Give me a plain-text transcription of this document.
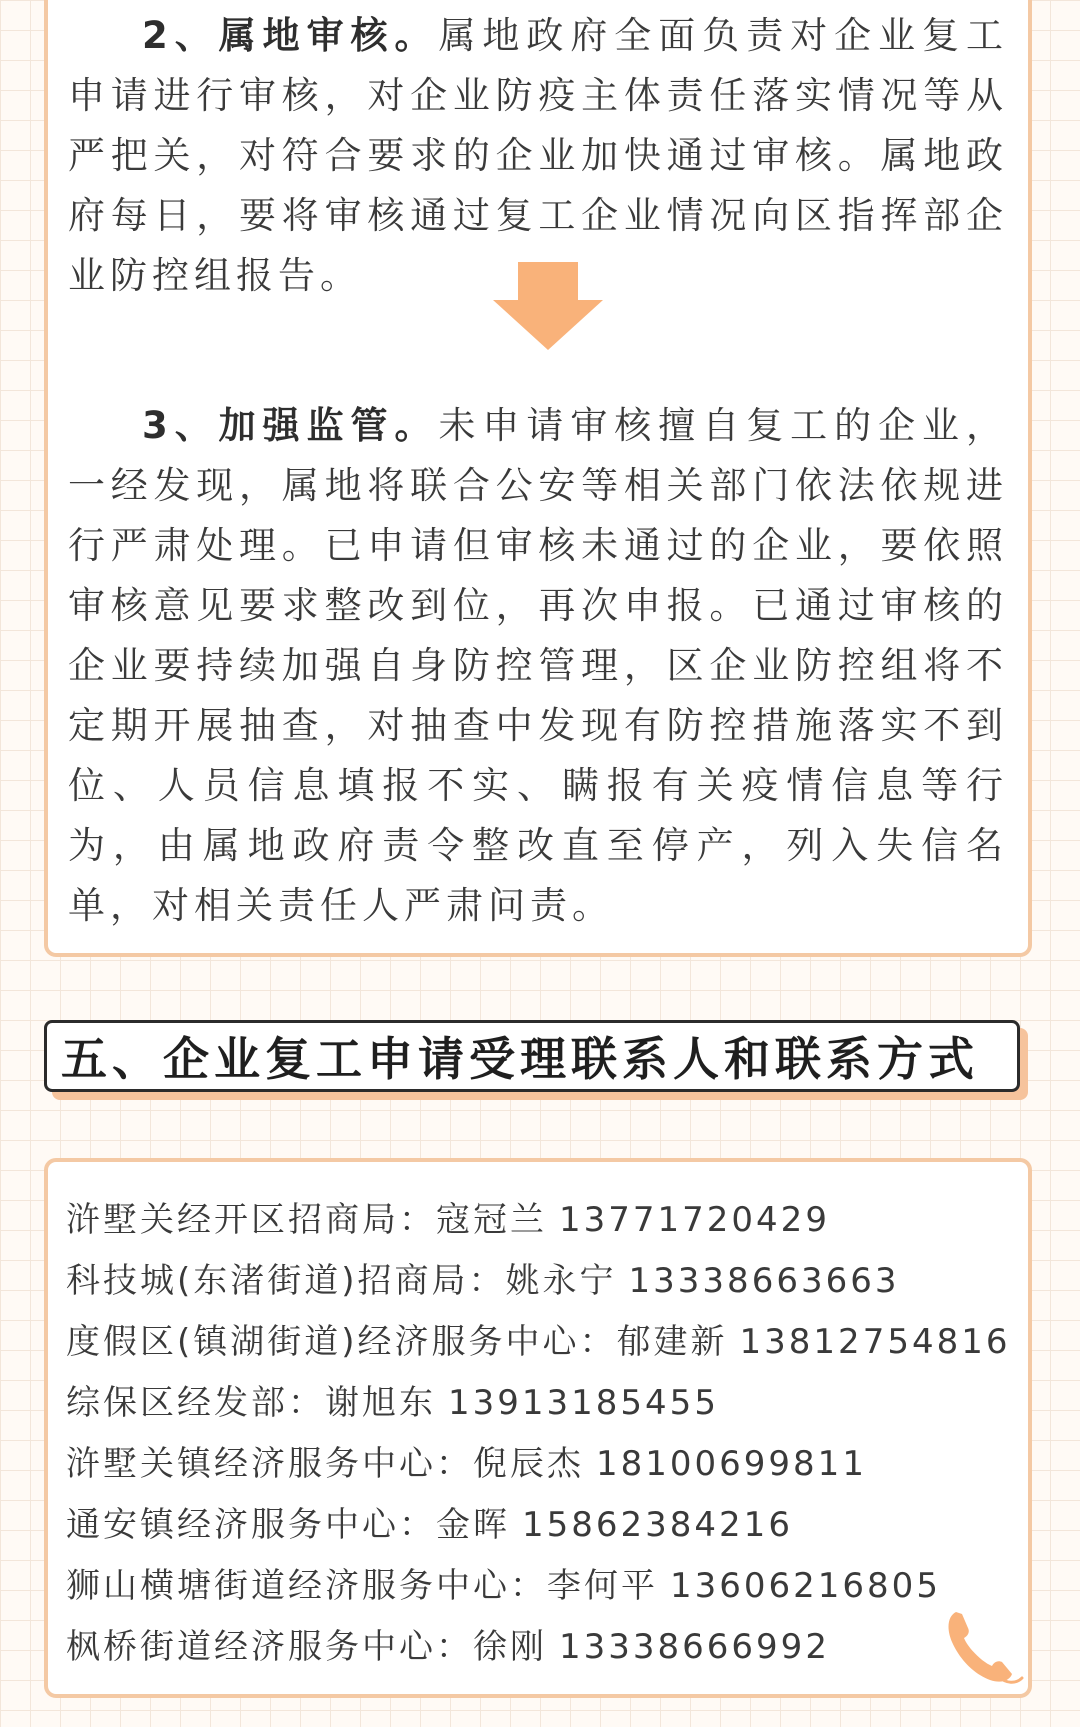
2、属地审核。属地政府全面负责对企业复工申请进行审核，对企业防疫主体责任落实情况等从严把关，对符合要求的企业加快通过审核。属地政府每日，要将审核通过复工企业情况向区指挥部企业防控组报告。

3、加强监管。未申请审核擅自复工的企业，一经发现，属地将联合公安等相关部门依法依规进行严肃处理。已申请但审核未通过的企业，要依照审核意见要求整改到位，再次申报。已通过审核的企业要持续加强自身防控管理，区企业防控组将不定期开展抽查，对抽查中发现有防控措施落实不到位、人员信息填报不实、瞒报有关疫情信息等行为，由属地政府责令整改直至停产，列入失信名单，对相关责任人严肃问责。

五、企业复工申请受理联系人和联系方式
浒墅关经开区招商局：寇冠兰 13771720429
科技城(东渚街道)招商局：姚永宁 13338663663
度假区(镇湖街道)经济服务中心：郁建新 13812754816
综保区经发部：谢旭东 13913185455
浒墅关镇经济服务中心：倪辰杰 18100699811
通安镇经济服务中心：金晖 15862384216
狮山横塘街道经济服务中心：李何平 13606216805
枫桥街道经济服务中心：徐刚 13338666992
